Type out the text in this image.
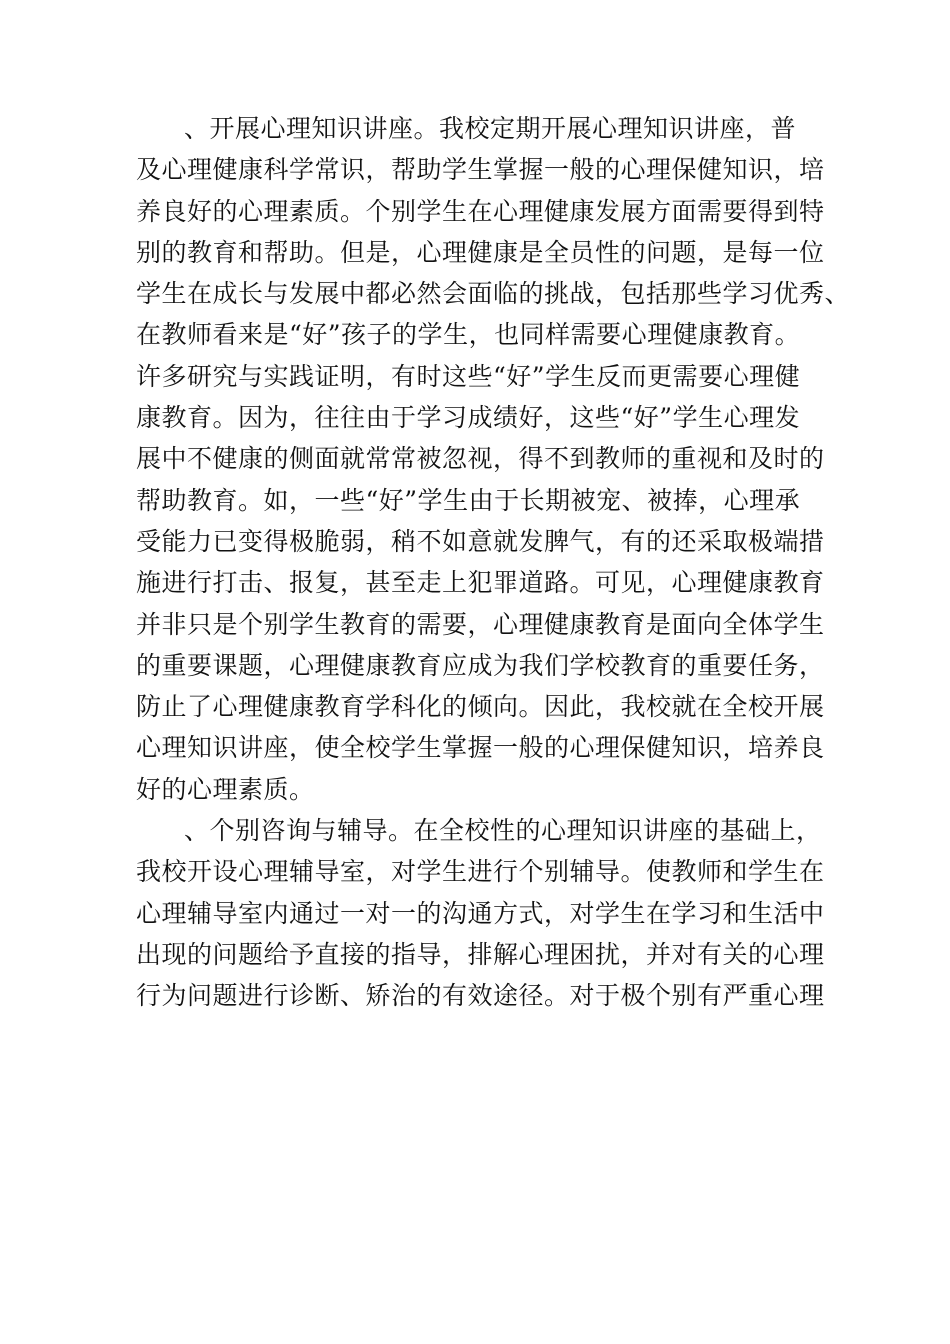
、开展心理知识讲座。我校定期开展心理知识讲座，普
及心理健康科学常识，帮助学生掌握一般的心理保健知识，培
养良好的心理素质。个别学生在心理健康发展方面需要得到特
别的教育和帮助。但是，心理健康是全员性的问题，是每一位
学生在成长与发展中都必然会面临的挑战，包括那些学习优秀、
在教师看来是“好”孩子的学生，也同样需要心理健康教育。
许多研究与实践证明，有时这些“好”学生反而更需要心理健
康教育。因为，往往由于学习成绩好，这些“好”学生心理发
展中不健康的侧面就常常被忽视，得不到教师的重视和及时的
帮助教育。如，一些“好”学生由于长期被宠、被捧，心理承
受能力已变得极脆弱，稍不如意就发脾气，有的还采取极端措
施进行打击、报复，甚至走上犯罪道路。可见，心理健康教育
并非只是个别学生教育的需要，心理健康教育是面向全体学生
的重要课题，心理健康教育应成为我们学校教育的重要任务，
防止了心理健康教育学科化的倾向。因此，我校就在全校开展
心理知识讲座，使全校学生掌握一般的心理保健知识，培养良
好的心理素质。
、个别咨询与辅导。在全校性的心理知识讲座的基础上，
我校开设心理辅导室，对学生进行个别辅导。使教师和学生在
心理辅导室内通过一对一的沟通方式，对学生在学习和生活中
出现的问题给予直接的指导，排解心理困扰，并对有关的心理
行为问题进行诊断、矫治的有效途径。对于极个别有严重心理
